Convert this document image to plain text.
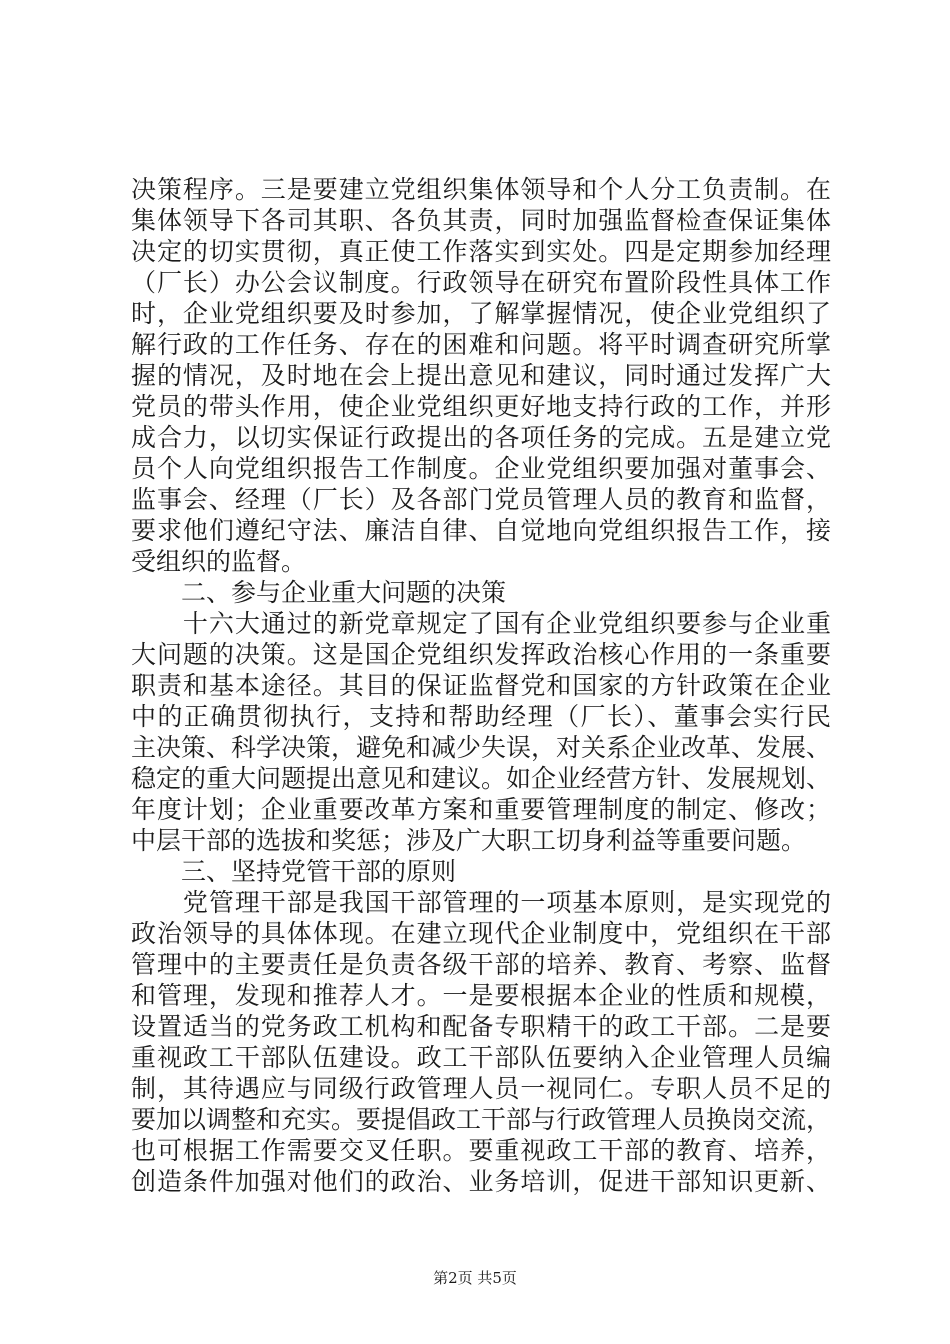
决策程序。三是要建立党组织集体领导和个人分工负责制。在
集体领导下各司其职、各负其责，同时加强监督检查保证集体
决定的切实贯彻，真正使工作落实到实处。四是定期参加经理
（厂长）办公会议制度。行政领导在研究布置阶段性具体工作
时，企业党组织要及时参加，了解掌握情况，使企业党组织了
解行政的工作任务、存在的困难和问题。将平时调查研究所掌
握的情况，及时地在会上提出意见和建议，同时通过发挥广大
党员的带头作用，使企业党组织更好地支持行政的工作，并形
成合力，以切实保证行政提出的各项任务的完成。五是建立党
员个人向党组织报告工作制度。企业党组织要加强对董事会、
监事会、经理（厂长）及各部门党员管理人员的教育和监督，
要求他们遵纪守法、廉洁自律、自觉地向党组织报告工作，接
受组织的监督。
二、参与企业重大问题的决策
　　十六大通过的新党章规定了国有企业党组织要参与企业重
大问题的决策。这是国企党组织发挥政治核心作用的一条重要
职责和基本途径。其目的保证监督党和国家的方针政策在企业
中的正确贯彻执行，支持和帮助经理（厂长）、董事会实行民
主决策、科学决策，避免和减少失误，对关系企业改革、发展、
稳定的重大问题提出意见和建议。如企业经营方针、发展规划、
年度计划；企业重要改革方案和重要管理制度的制定、修改；
中层干部的选拔和奖惩；涉及广大职工切身利益等重要问题。
三、坚持党管干部的原则
　　党管理干部是我国干部管理的一项基本原则，是实现党的
政治领导的具体体现。在建立现代企业制度中，党组织在干部
管理中的主要责任是负责各级干部的培养、教育、考察、监督
和管理，发现和推荐人才。一是要根据本企业的性质和规模，
设置适当的党务政工机构和配备专职精干的政工干部。二是要
重视政工干部队伍建设。政工干部队伍要纳入企业管理人员编
制，其待遇应与同级行政管理人员一视同仁。专职人员不足的
要加以调整和充实。要提倡政工干部与行政管理人员换岗交流，
也可根据工作需要交叉任职。要重视政工干部的教育、培养，
创造条件加强对他们的政治、业务培训，促进干部知识更新、
第2页 共5页
